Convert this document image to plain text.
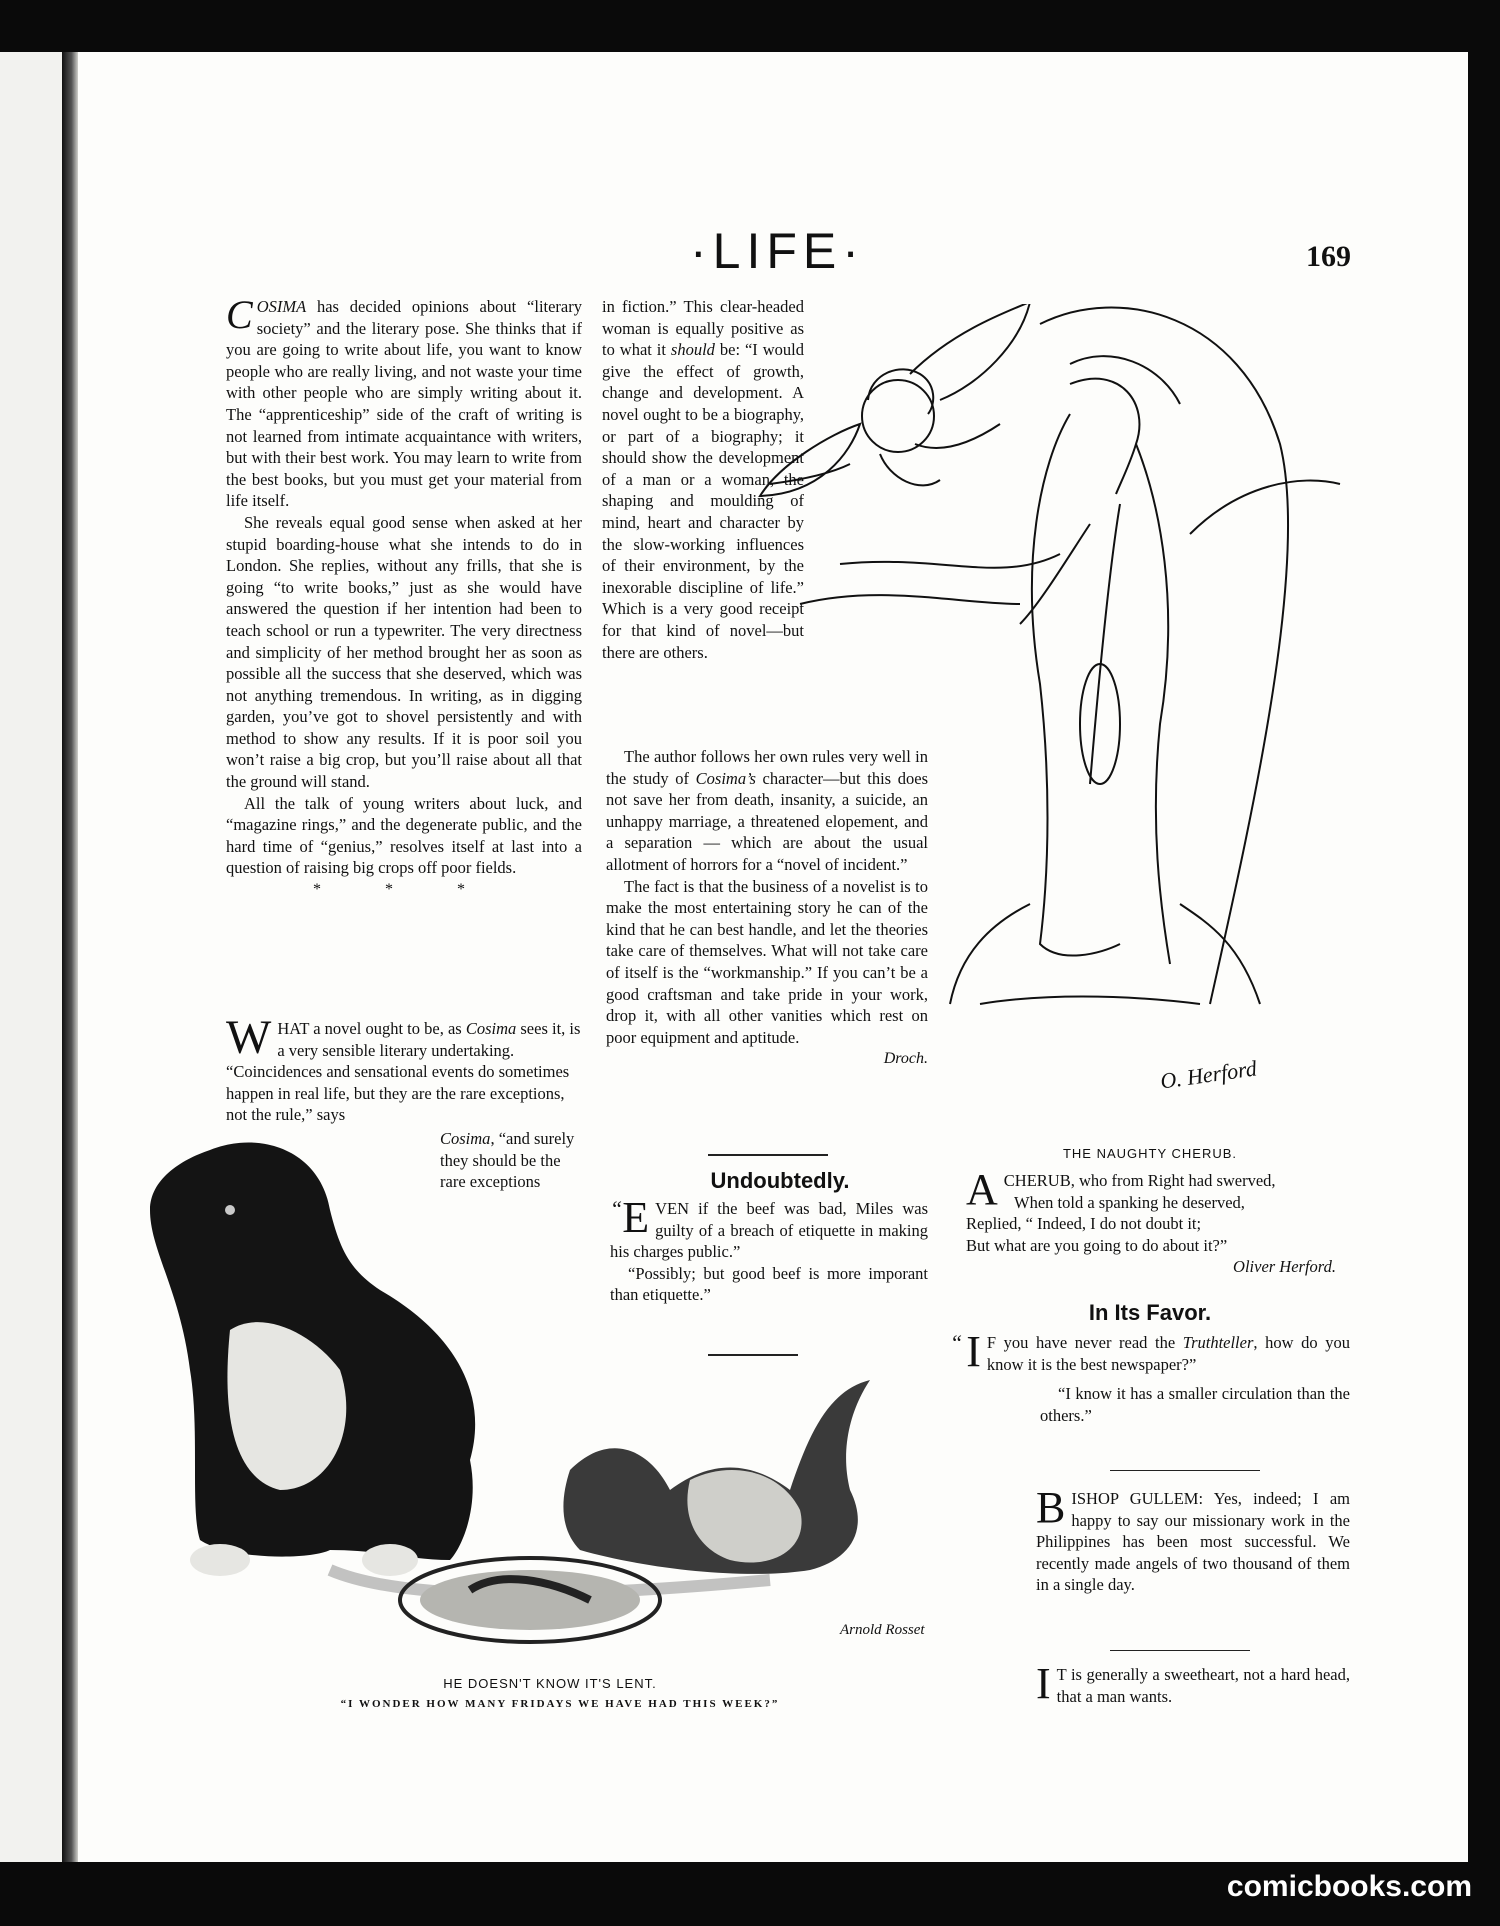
·LIFE·	169

COSIMA has decided opinions about “literary society” and the literary pose. She thinks that if you are going to write about life, you want to know people who are really living, and not waste your time with other people who are simply writing about it. The “apprenticeship” side of the craft of writing is not learned from intimate acquaintance with writers, but with their best work. You may learn to write from the best books, but you must get your material from life itself.

She reveals equal good sense when asked at her stupid boarding-house what she intends to do in London. She replies, without any frills, that she is going “to write books,” just as she would have answered the question if her intention had been to teach school or run a typewriter. The very directness and simplicity of her method brought her as soon as possible all the success that she deserved, which was not anything tremendous. In writing, as in digging garden, you’ve got to shovel persistently and with method to show any results. If it is poor soil you won’t raise a big crop, but you’ll raise about all that the ground will stand.

All the talk of young writers about luck, and “magazine rings,” and the degenerate public, and the hard time of “genius,” resolves itself at last into a question of raising big crops off poor fields.

* * *

WHAT a novel ought to be, as Cosima sees it, is a very sensible literary undertaking. “Coincidences and sensational events do sometimes happen in real life, but they are the rare exceptions, not the rule,” says

Cosima, “and surely they should be the rare exceptions

in fiction.” This clear-headed woman is equally positive as to what it should be: “I would give the effect of growth, change and development. A novel ought to be a biography, or part of a biography; it should show the development of a man or a woman, the shaping and moulding of mind, heart and character by the slow-working influences of their environment, by the inexorable discipline of life.” Which is a very good receipt for that kind of novel—but there are others.

The author follows her own rules very well in the study of Cosima’s character—but this does not save her from death, insanity, a suicide, an unhappy marriage, a threatened elopement, and a separation — which are about the usual allotment of horrors for a “novel of incident.”

The fact is that the business of a novelist is to make the most entertaining story he can of the kind that he can best handle, and let the theories take care of themselves. What will not take care of itself is the “workmanship.” If you can’t be a good craftsman and take pride in your work, drop it, with all other vanities which rest on poor equipment and aptitude.

Droch.
Undoubtedly.

“ E VEN if the beef was bad, Miles was guilty of a breach of etiquette in making his charges public.”

“Possibly; but good beef is more imporant than etiquette.”

O. Herford
THE NAUGHTY CHERUB.
ACHERUB, who from Right had swerved,
When told a spanking he deserved,
Replied, “ Indeed, I do not doubt it;
But what are you going to do about it?”
Oliver Herford.
In Its Favor.

“ I F you have never read the Truthteller, how do you know it is the best newspaper?”

“I know it has a smaller circulation than the others.”

BISHOP GULLEM: Yes, indeed; I am happy to say our missionary work in the Philippines has been most successful. We recently made angels of two thousand of them in a single day.

I T is generally a sweetheart, not a hard head, that a man wants.

Arnold Rosset
HE DOESN'T KNOW IT'S LENT.
“I WONDER HOW MANY FRIDAYS WE HAVE HAD THIS WEEK?”
comicbooks.com
